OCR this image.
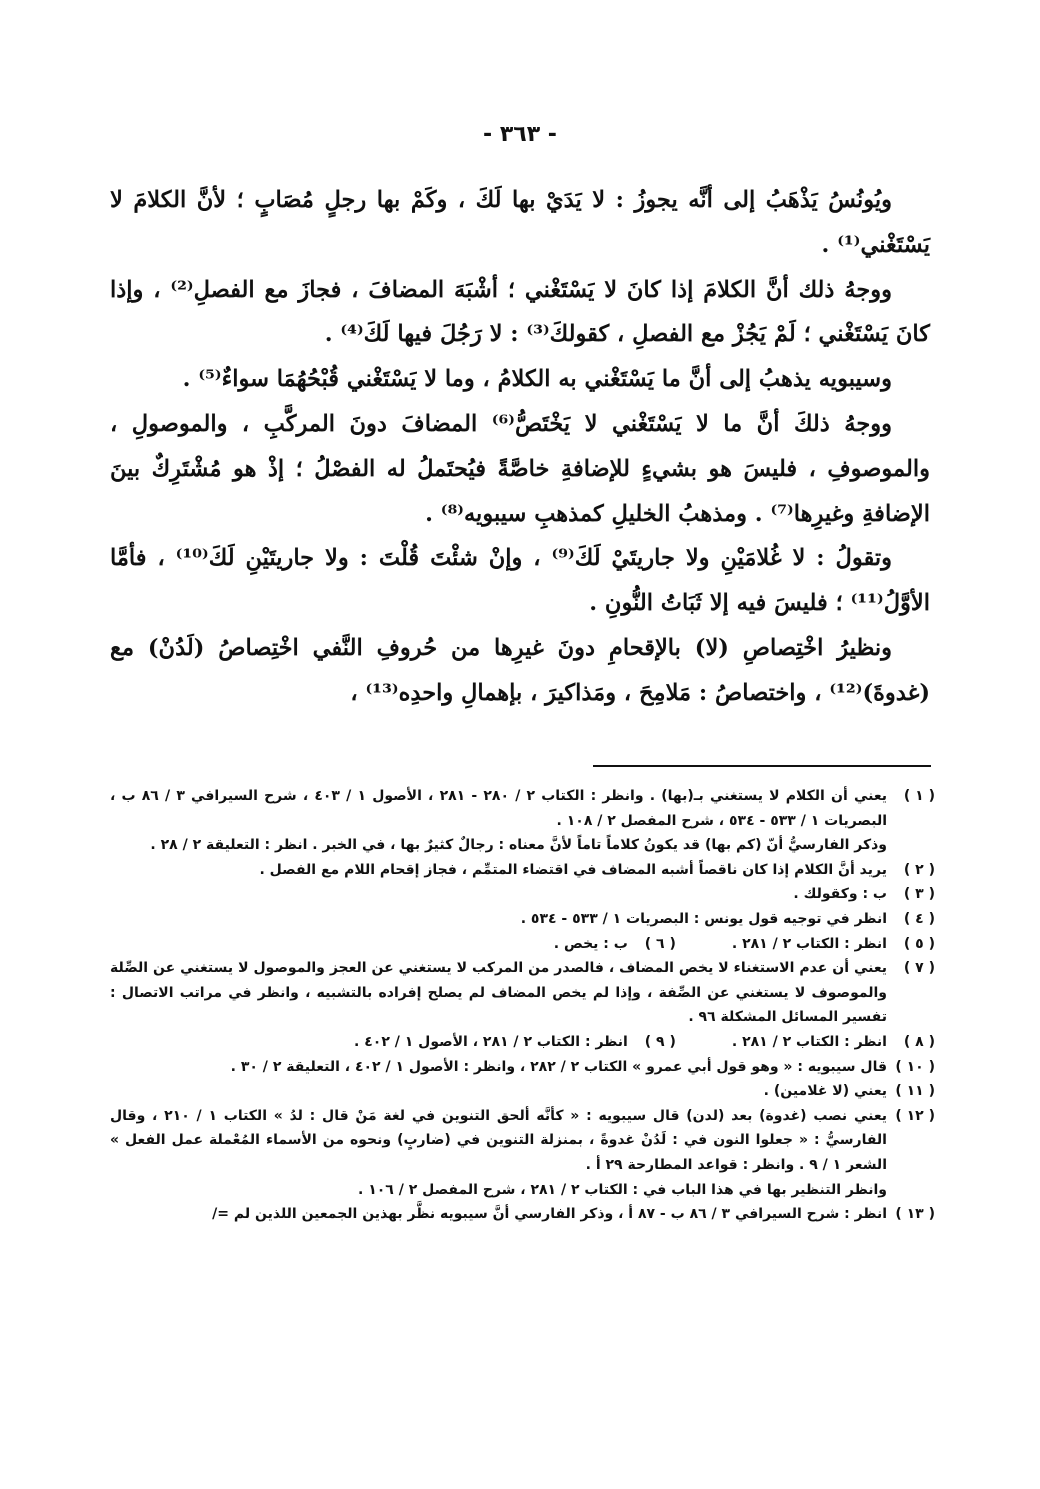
- ٣٦٣ -

ويُونُسُ يَذْهَبُ إلى أنَّه يجوزُ : لا يَدَيْ بها لَكَ ، وكَمْ بها رجلٍ مُصَابٍ ؛ لأنَّ الكلامَ لا يَسْتَغْني⁽¹⁾ .

ووجهُ ذلك أنَّ الكلامَ إذا كانَ لا يَسْتَغْني ؛ أشْبَهَ المضافَ ، فجازَ مع الفصلِ⁽²⁾ ، وإذا كانَ يَسْتَغْني ؛ لَمْ يَجُزْ مع الفصلِ ، كقولكَ⁽³⁾ : لا رَجُلَ فيها لَكَ⁽⁴⁾ .

وسيبويه يذهبُ إلى أنَّ ما يَسْتَغْني به الكلامُ ، وما لا يَسْتَغْني قُبْحُهُمَا سواءٌ⁽⁵⁾ .

ووجهُ ذلكَ أنَّ ما لا يَسْتَغْني لا يَخْتَصُّ⁽⁶⁾ المضافَ دونَ المركَّبِ ، والموصولِ ، والموصوفِ ، فليسَ هو بشيءٍ للإضافةِ خاصَّةً فيُحتَملُ له الفصْلُ ؛ إذْ هو مُشْتَرِكٌ بينَ الإضافةِ وغيرِها⁽⁷⁾ . ومذهبُ الخليلِ كمذهبِ سيبويه⁽⁸⁾ .

وتقولُ : لا غُلامَيْنِ ولا جاريتَيْ لَكَ⁽⁹⁾ ، وإنْ شئْتَ قُلْتَ : ولا جاريتَيْنِ لَكَ⁽¹⁰⁾ ، فأمَّا الأوَّلُ⁽¹¹⁾ ؛ فليسَ فيه إلا ثَبَاتُ النُّونِ .

ونظيرُ اخْتِصاصِ (لا) بالإقحامِ دونَ غيرِها من حُروفِ النَّفي اخْتِصاصُ (لَدُنْ) مع (غدوةَ)⁽¹²⁾ ، واختصاصُ : مَلامِحَ ، ومَذاكيرَ ، بإهمالِ واحدِه⁽¹³⁾ ،

( ١ )
يعني أن الكلام لا يستغني بـ(بها) . وانظر : الكتاب ٢ / ٢٨٠ - ٢٨١ ، الأصول ١ / ٤٠٣ ، شرح السيرافي ٣ / ٨٦ ب ، البصريات ١ / ٥٣٣ - ٥٣٤ ، شرح المفصل ٢ / ١٠٨ .
وذكر الفارسيُّ أنّ (كم بها) قد يكونُ كلاماً تاماً لأنَّ معناه : رجالٌ كثيرٌ بها ، في الخبر . انظر : التعليقة ٢ / ٢٨ .
( ٢ )
يريد أنَّ الكلام إذا كان ناقصاً أشبه المضاف في اقتضاء المتمِّم ، فجاز إقحام اللام مع الفصل .
( ٣ )
ب : وكقولك .
( ٤ )
انظر في توجيه قول يونس : البصريات ١ / ٥٣٣ - ٥٣٤ .
( ٥ )
انظر : الكتاب ٢ / ٢٨١ .
( ٦ )
ب : يخص .
( ٧ )
يعني أن عدم الاستغناء لا يخص المضاف ، فالصدر من المركب لا يستغني عن العجز والموصول لا يستغني عن الصِّلة والموصوف لا يستغني عن الصِّفة ، وإذا لم يخص المضاف لم يصلح إفراده بالتشبيه ، وانظر في مراتب الاتصال : تفسير المسائل المشكلة ٩٦ .
( ٨ )
انظر : الكتاب ٢ / ٢٨١ .
( ٩ )
انظر : الكتاب ٢ / ٢٨١ ، الأصول ١ / ٤٠٢ .
( ١٠ )
قال سيبويه : « وهو قول أبي عمرو » الكتاب ٢ / ٢٨٢ ، وانظر : الأصول ١ / ٤٠٢ ، التعليقة ٢ / ٣٠ .
( ١١ )
يعني (لا غلامين) .
( ١٢ )
يعني نصب (غدوة) بعد (لدن) قال سيبويه : « كأنَّه ألحق التنوين في لغة مَنْ قال : لدُ » الكتاب ١ / ٢١٠ ، وقال الفارسيُّ : « جعلوا النون في : لَدُنْ غدوةً ، بمنزلة التنوين في (ضاربٍ) ونحوه من الأسماء المُعْملة عمل الفعل » الشعر ١ / ٩ . وانظر : قواعد المطارحة ٢٩ أ .
وانظر التنظير بها في هذا الباب في : الكتاب ٢ / ٢٨١ ، شرح المفصل ٢ / ١٠٦ .
( ١٣ )
انظر : شرح السيرافي ٣ / ٨٦ ب - ٨٧ أ ، وذكر الفارسي أنَّ سيبويه نظَّر بهذين الجمعين اللذين لم =/
